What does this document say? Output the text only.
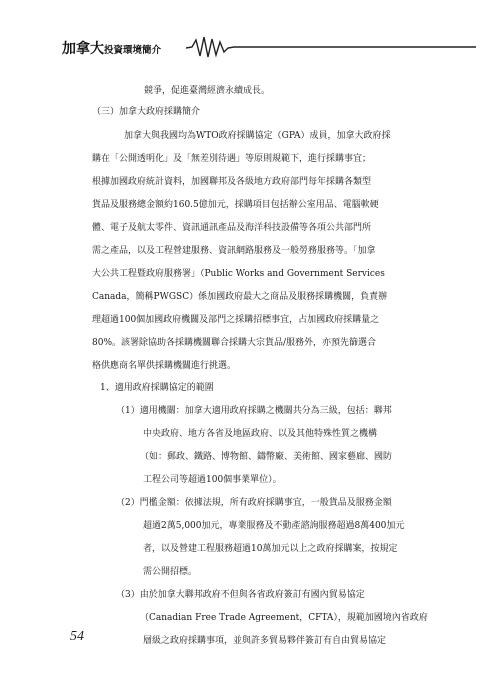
加拿大投資環境簡介
競爭，促進臺灣經濟永續成長。
（三）加拿大政府採購簡介
加拿大與我國均為WTO政府採購協定（GPA）成員，加拿大政府採
購在「公開透明化」及「無差別待遇」等原則規範下，進行採購事宜；
根據加國政府統計資料，加國聯邦及各級地方政府部門每年採購各類型
貨品及服務總金額約160.5億加元，採購項目包括辦公室用品、電腦軟硬
體、電子及航太零件、資訊通訊產品及海洋科技設備等各項公共部門所
需之產品，以及工程營建服務、資訊網路服務及一般勞務服務等。「加拿
大公共工程暨政府服務署」（Public Works and Government Services
Canada，簡稱PWGSC）係加國政府最大之商品及服務採購機關，負責辦
理超過100個加國政府機關及部門之採購招標事宜，占加國政府採購量之
80%。該署除協助各採購機關聯合採購大宗貨品/服務外，亦預先篩選合
格供應商名單供採購機關進行挑選。
1、適用政府採購協定的範圍
（1）適用機關：加拿大適用政府採購之機關共分為三級，包括：聯邦
中央政府、地方各省及地區政府、以及其他特殊性質之機構
（如：郵政、鐵路、博物館、鑄幣廠、美術館、國家藝廊、國防
工程公司等超過100個事業單位）。
（2）門檻金額：依據法規，所有政府採購事宜，一般貨品及服務金額
超過2萬5,000加元，專業服務及不動產諮詢服務超過8萬400加元
者，以及營建工程服務超過10萬加元以上之政府採購案，按規定
需公開招標。
（3）由於加拿大聯邦政府不但與各省政府簽訂有國內貿易協定
（Canadian Free Trade Agreement，CFTA），規範加國境內省政府
層級之政府採購事項，並與許多貿易夥伴簽訂有自由貿易協定
54
